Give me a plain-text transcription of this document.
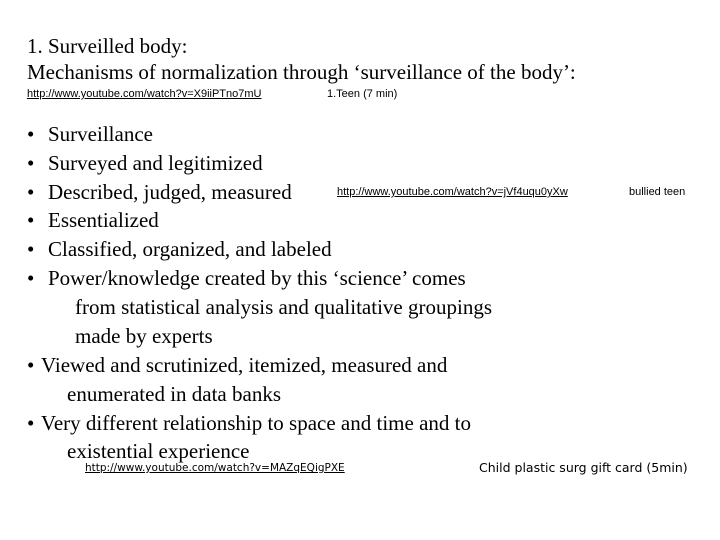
1. Surveilled body:
Mechanisms of normalization through ‘surveillance of the body’:
http://www.youtube.com/watch?v=X9iiPTno7mU	1.Teen (7 min)
• Surveillance
• Surveyed and legitimized
• Described, judged, measured	http://www.youtube.com/watch?v=jVf4uqu0yXw	bullied teen
• Essentialized
• Classified, organized, and labeled
• Power/knowledge created by this ‘science’ comes
from statistical analysis and qualitative groupings
made by experts
• Viewed and scrutinized, itemized, measured and
enumerated in data banks
• Very different relationship to space and time and to
existential experience
http://www.youtube.com/watch?v=MAZqEQigPXE	Child plastic surg gift card (5min)
